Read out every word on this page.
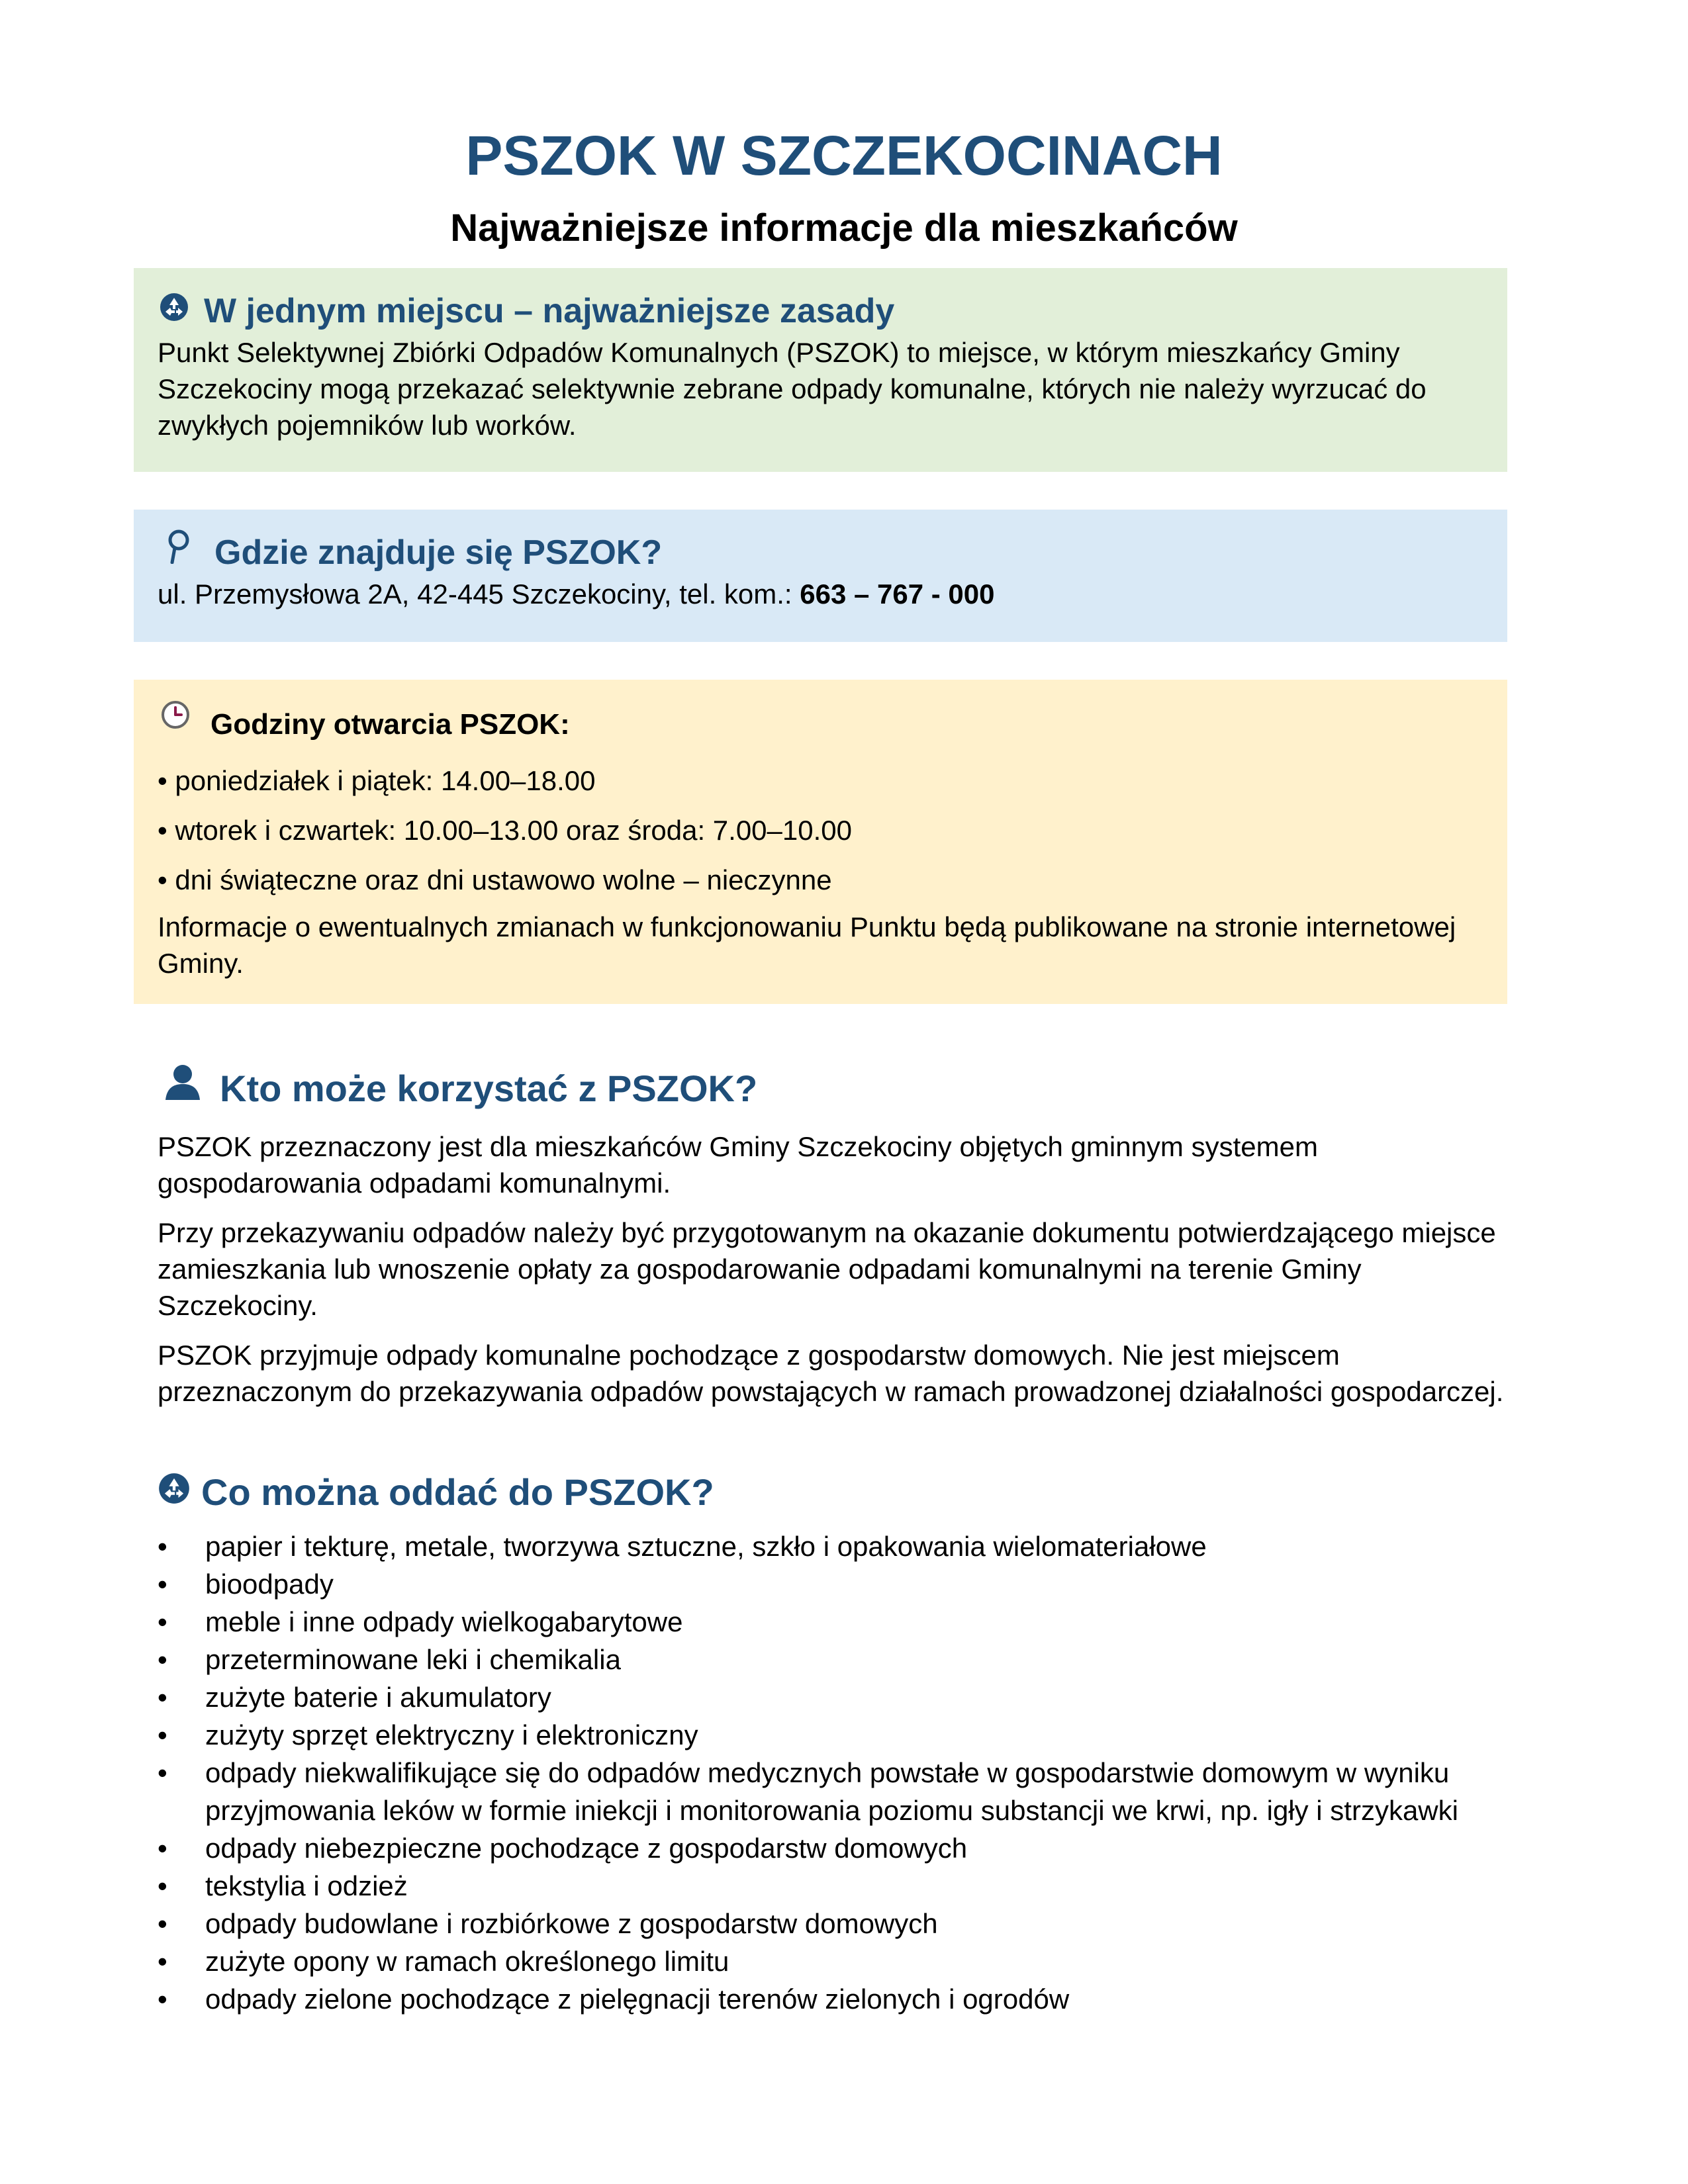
PSZOK W SZCZEKOCINACH
Najważniejsze informacje dla mieszkańców
W jednym miejscu – najważniejsze zasady
Punkt Selektywnej Zbiórki Odpadów Komunalnych (PSZOK) to miejsce, w którym mieszkańcy Gminy Szczekociny mogą przekazać selektywnie zebrane odpady komunalne, których nie należy wyrzucać do zwykłych pojemników lub worków.
Gdzie znajduje się PSZOK?
ul. Przemysłowa 2A, 42-445 Szczekociny, tel. kom.: 663 – 767 - 000
Godziny otwarcia PSZOK:
• poniedziałek i piątek: 14.00–18.00
• wtorek i czwartek: 10.00–13.00 oraz środa: 7.00–10.00
• dni świąteczne oraz dni ustawowo wolne – nieczynne
Informacje o ewentualnych zmianach w funkcjonowaniu Punktu będą publikowane na stronie internetowej Gminy.
Kto może korzystać z PSZOK?

PSZOK przeznaczony jest dla mieszkańców Gminy Szczekociny objętych gminnym systemem gospodarowania odpadami komunalnymi.

Przy przekazywaniu odpadów należy być przygotowanym na okazanie dokumentu potwierdzającego miejsce zamieszkania lub wnoszenie opłaty za gospodarowanie odpadami komunalnymi na terenie Gminy Szczekociny.

PSZOK przyjmuje odpady komunalne pochodzące z gospodarstw domowych. Nie jest miejscem przeznaczonym do przekazywania odpadów powstających w ramach prowadzonej działalności gospodarczej.

Co można oddać do PSZOK?
• papier i tekturę, metale, tworzywa sztuczne, szkło i opakowania wielomateriałowe
• bioodpady
• meble i inne odpady wielkogabarytowe
• przeterminowane leki i chemikalia
• zużyte baterie i akumulatory
• zużyty sprzęt elektryczny i elektroniczny
• odpady niekwalifikujące się do odpadów medycznych powstałe w gospodarstwie domowym w wyniku przyjmowania leków w formie iniekcji i monitorowania poziomu substancji we krwi, np. igły i strzykawki
• odpady niebezpieczne pochodzące z gospodarstw domowych
• tekstylia i odzież
• odpady budowlane i rozbiórkowe z gospodarstw domowych
• zużyte opony w ramach określonego limitu
• odpady zielone pochodzące z pielęgnacji terenów zielonych i ogrodów
